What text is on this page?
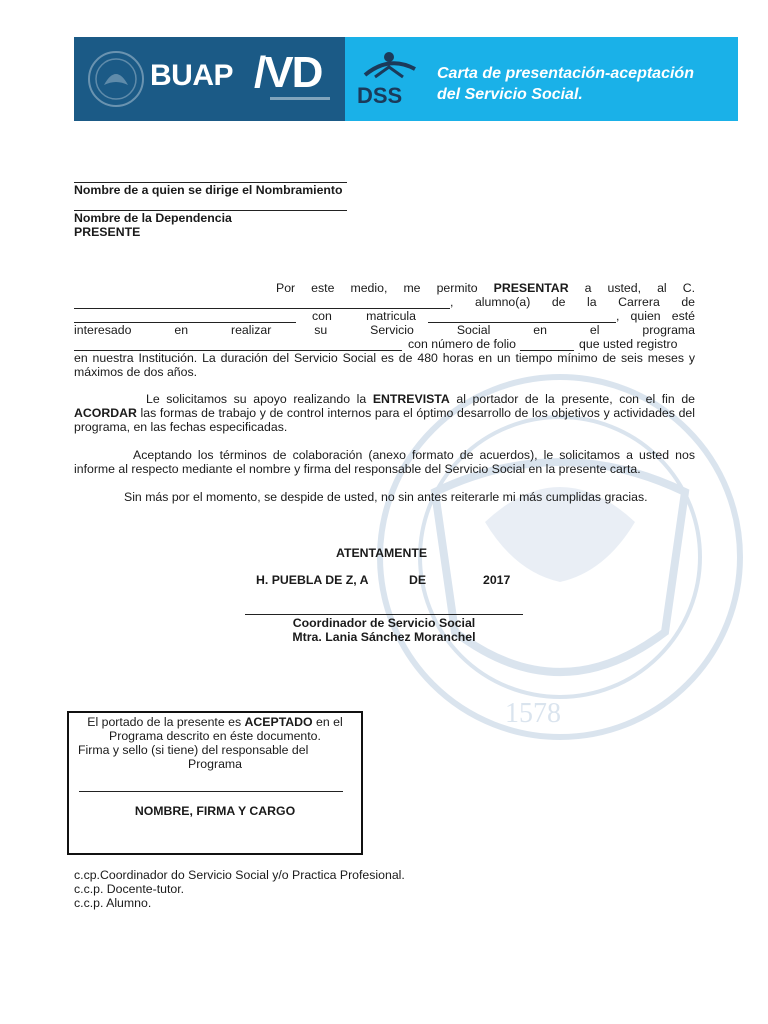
BUAP /VD DSS
Carta de presentación-aceptación
del Servicio Social.
1578

Nombre de a quien se dirige el Nombramiento

Nombre de la Dependencia

PRESENTE

Por este medio, me permito PRESENTAR a usted, al C.
, alumno(a) de la Carrera de
con matricula	, quien esté
interesado en realizar su Servicio Social en el programa
con número de folio	que usted registro

en nuestra Institución. La duración del Servicio Social es de 480 horas en un tiempo mínimo de seis meses y máximos de dos años.

Le solicitamos su apoyo realizando la ENTREVISTA al portador de la presente, con el fin de

ACORDAR las formas de trabajo y de control internos para el óptimo desarrollo de los objetivos y actividades del programa, en las fechas especificadas.

Aceptando los términos de colaboración (anexo formato de acuerdos), le solicitamos a usted nos informe al respecto mediante el nombre y firma del responsable del Servicio Social en la presente carta.

Sin más por el momento, se despide de usted, no sin antes reiterarle mi más cumplidas gracias.

ATENTAMENTE

H. PUEBLA DE Z, A	DE	2017

Coordinador de Servicio Social

Mtra. Lania Sánchez Moranchel

El portado de la presente es ACEPTADO en el

Programa descrito en éste documento.

Firma y sello (si tiene) del responsable del

Programa

NOMBRE, FIRMA Y CARGO

c.cp.Coordinador do Servicio Social y/o Practica Profesional.
c.c.p. Docente-tutor.
c.c.p. Alumno.
